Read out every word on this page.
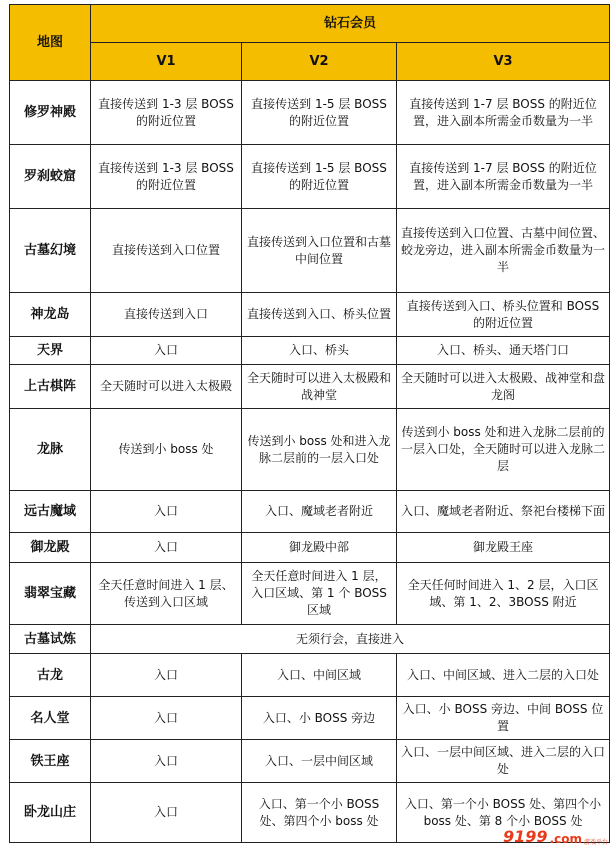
地图	钻石会员		
	V1	V2	V3
修罗神殿	直接传送到 1-3 层 BOSS 的附近位置	直接传送到 1-5 层 BOSS 的附近位置	直接传送到 1-7 层 BOSS 的附近位置，进入副本所需金币数量为一半
罗刹蛟窟	直接传送到 1-3 层 BOSS 的附近位置	直接传送到 1-5 层 BOSS 的附近位置	直接传送到 1-7 层 BOSS 的附近位置，进入副本所需金币数量为一半
古墓幻境	直接传送到入口位置	直接传送到入口位置和古墓中间位置	直接传送到入口位置、古墓中间位置、蛟龙旁边，进入副本所需金币数量为一半
神龙岛	直接传送到入口	直接传送到入口、桥头位置	直接传送到入口、桥头位置和 BOSS 的附近位置
天界	入口	入口、桥头	入口、桥头、通天塔门口
上古棋阵	全天随时可以进入太极殿	全天随时可以进入太极殿和战神堂	全天随时可以进入太极殿、战神堂和盘龙阁
龙脉	传送到小 boss 处	传送到小 boss 处和进入龙脉二层前的一层入口处	传送到小 boss 处和进入龙脉二层前的一层入口处，全天随时可以进入龙脉二层
远古魔域	入口	入口、魔域老者附近	入口、魔域老者附近、祭祀台楼梯下面
御龙殿	入口	御龙殿中部	御龙殿王座
翡翠宝藏	全天任意时间进入 1 层、传送到入口区域	全天任意时间进入 1 层，入口区域、第 1 个 BOSS 区域	全天任何时间进入 1、2 层，入口区域、第 1、2、3BOSS 附近
古墓试炼	无须行会，直接进入		
古龙	入口	入口、中间区域	入口、中间区域、进入二层的入口处
名人堂	入口	入口、小 BOSS 旁边	入口、小 BOSS 旁边、中间 BOSS 位置
铁王座	入口	入口、一层中间区域	入口、一层中间区域、进入二层的入口处
卧龙山庄	入口	入口、第一个小 BOSS 处、第四个小 boss 处	入口、第一个小 BOSS 处、第四个小 boss 处、第 8 个小 BOSS 处
9199 .com 游戏平台
